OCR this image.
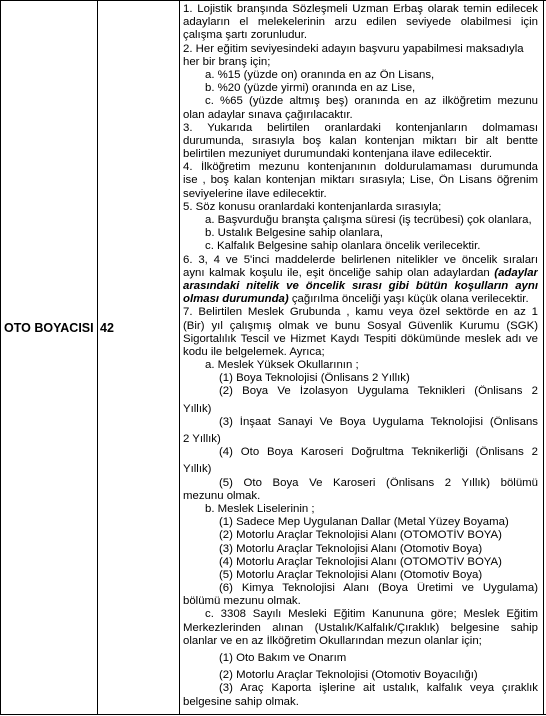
OTO BOYACISI 42
1. Lojistik branşında Sözleşmeli Uzman Erbaş olarak temin edilecek
adayların el melekelerinin arzu edilen seviyede olabilmesi için
çalışma şartı zorunludur.
2. Her eğitim seviyesindeki adayın başvuru yapabilmesi maksadıyla
her bir branş için;
a. %15 (yüzde on) oranında en az Ön Lisans,
b. %20 (yüzde yirmi) oranında en az Lise,
c. %65 (yüzde altmış beş) oranında en az ilköğretim mezunu
olan adaylar sınava çağırılacaktır.
3. Yukarıda belirtilen oranlardaki kontenjanların dolmaması
durumunda, sırasıyla boş kalan kontenjan miktarı bir alt bentte
belirtilen mezuniyet durumundaki kontenjana ilave edilecektir.
4. İlköğretim mezunu kontenjanının doldurulamaması durumunda
ise , boş kalan kontenjan miktarı sırasıyla; Lise, Ön Lisans öğrenim
seviyelerine ilave edilecektir.
5. Söz konusu oranlardaki kontenjanlarda sırasıyla;
a. Başvurduğu branşta çalışma süresi (iş tecrübesi) çok olanlara,
b. Ustalık Belgesine sahip olanlara,
c. Kalfalık Belgesine sahip olanlara öncelik verilecektir.
6. 3, 4 ve 5'inci maddelerde belirlenen nitelikler ve öncelik sıraları
aynı kalmak koşulu ile, eşit önceliğe sahip olan adaylardan (adaylar
arasındaki nitelik ve öncelik sırası gibi bütün koşulların aynı
olması durumunda) çağırılma önceliği yaşı küçük olana verilecektir.
7. Belirtilen Meslek Grubunda , kamu veya özel sektörde en az 1
(Bir) yıl çalışmış olmak ve bunu Sosyal Güvenlik Kurumu (SGK)
Sigortalılık Tescil ve Hizmet Kaydı Tespiti dökümünde meslek adı ve
kodu ile belgelemek. Ayrıca;
a. Meslek Yüksek Okullarının ;
(1) Boya Teknolojisi (Önlisans 2 Yıllık)
(2) Boya Ve İzolasyon Uygulama Teknikleri (Önlisans 2
Yıllık)
(3) İnşaat Sanayi Ve Boya Uygulama Teknolojisi (Önlisans
2 Yıllık)
(4) Oto Boya Karoseri Doğrultma Teknikerliği (Önlisans 2
Yıllık)
(5) Oto Boya Ve Karoseri (Önlisans 2 Yıllık) bölümü
mezunu olmak.
b. Meslek Liselerinin ;
(1) Sadece Mep Uygulanan Dallar (Metal Yüzey Boyama)
(2) Motorlu Araçlar Teknolojisi Alanı (OTOMOTİV BOYA)
(3) Motorlu Araçlar Teknolojisi Alanı (Otomotiv Boya)
(4) Motorlu Araçlar Teknolojisi Alanı (OTOMOTİV BOYA)
(5) Motorlu Araçlar Teknolojisi Alanı (Otomotiv Boya)
(6) Kimya Teknolojisi Alanı (Boya Üretimi ve Uygulama)
bölümü mezunu olmak.
c. 3308 Sayılı Mesleki Eğitim Kanununa göre; Meslek Eğitim
Merkezlerinden alınan (Ustalık/Kalfalık/Çıraklık) belgesine sahip
olanlar ve en az İlköğretim Okullarından mezun olanlar için;
(1) Oto Bakım ve Onarım
(2) Motorlu Araçlar Teknolojisi (Otomotiv Boyacılığı)
(3) Araç Kaporta işlerine ait ustalık, kalfalık veya çıraklık
belgesine sahip olmak.
